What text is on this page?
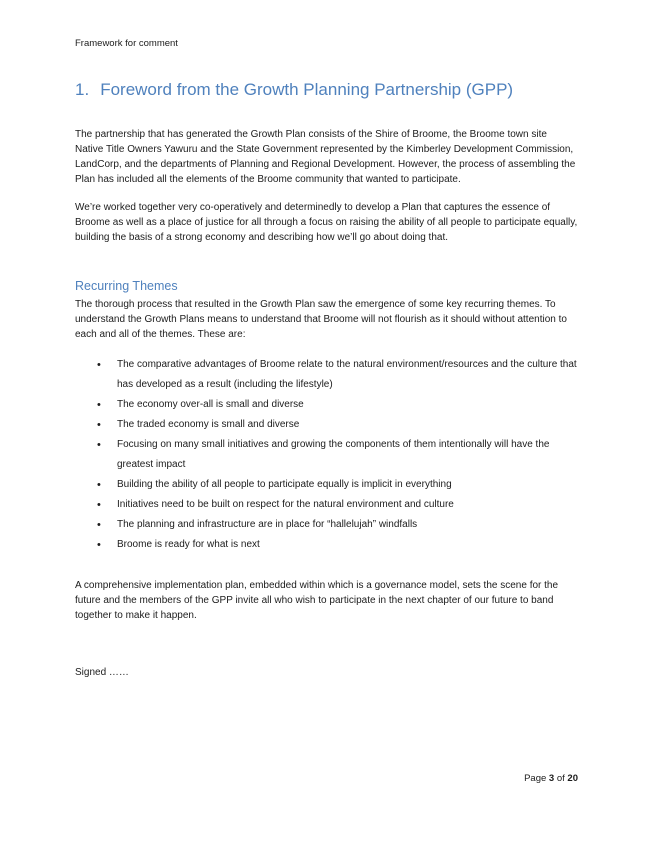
Framework for comment
1. Foreword from the Growth Planning Partnership (GPP)
The partnership that has generated the Growth Plan consists of the Shire of Broome, the Broome town site Native Title Owners Yawuru and the State Government represented by the Kimberley Development Commission, LandCorp, and the departments of Planning and Regional Development. However, the process of assembling the Plan has included all the elements of the Broome community that wanted to participate.
We’re worked together very co-operatively and determinedly to develop a Plan that captures the essence of Broome as well as a place of justice for all through a focus on raising the ability of all people to participate equally, building the basis of a strong economy and describing how we’ll go about doing that.
Recurring Themes
The thorough process that resulted in the Growth Plan saw the emergence of some key recurring themes. To understand the Growth Plans means to understand that Broome will not flourish as it should without attention to each and all of the themes. These are:
• The comparative advantages of Broome relate to the natural environment/resources and the culture that has developed as a result (including the lifestyle)
• The economy over-all is small and diverse
• The traded economy is small and diverse
• Focusing on many small initiatives and growing the components of them intentionally will have the greatest impact
• Building the ability of all people to participate equally is implicit in everything
• Initiatives need to be built on respect for the natural environment and culture
• The planning and infrastructure are in place for “hallelujah” windfalls
• Broome is ready for what is next
A comprehensive implementation plan, embedded within which is a governance model, sets the scene for the future and the members of the GPP invite all who wish to participate in the next chapter of our future to band together to make it happen.
Signed ……
Page 3 of 20
